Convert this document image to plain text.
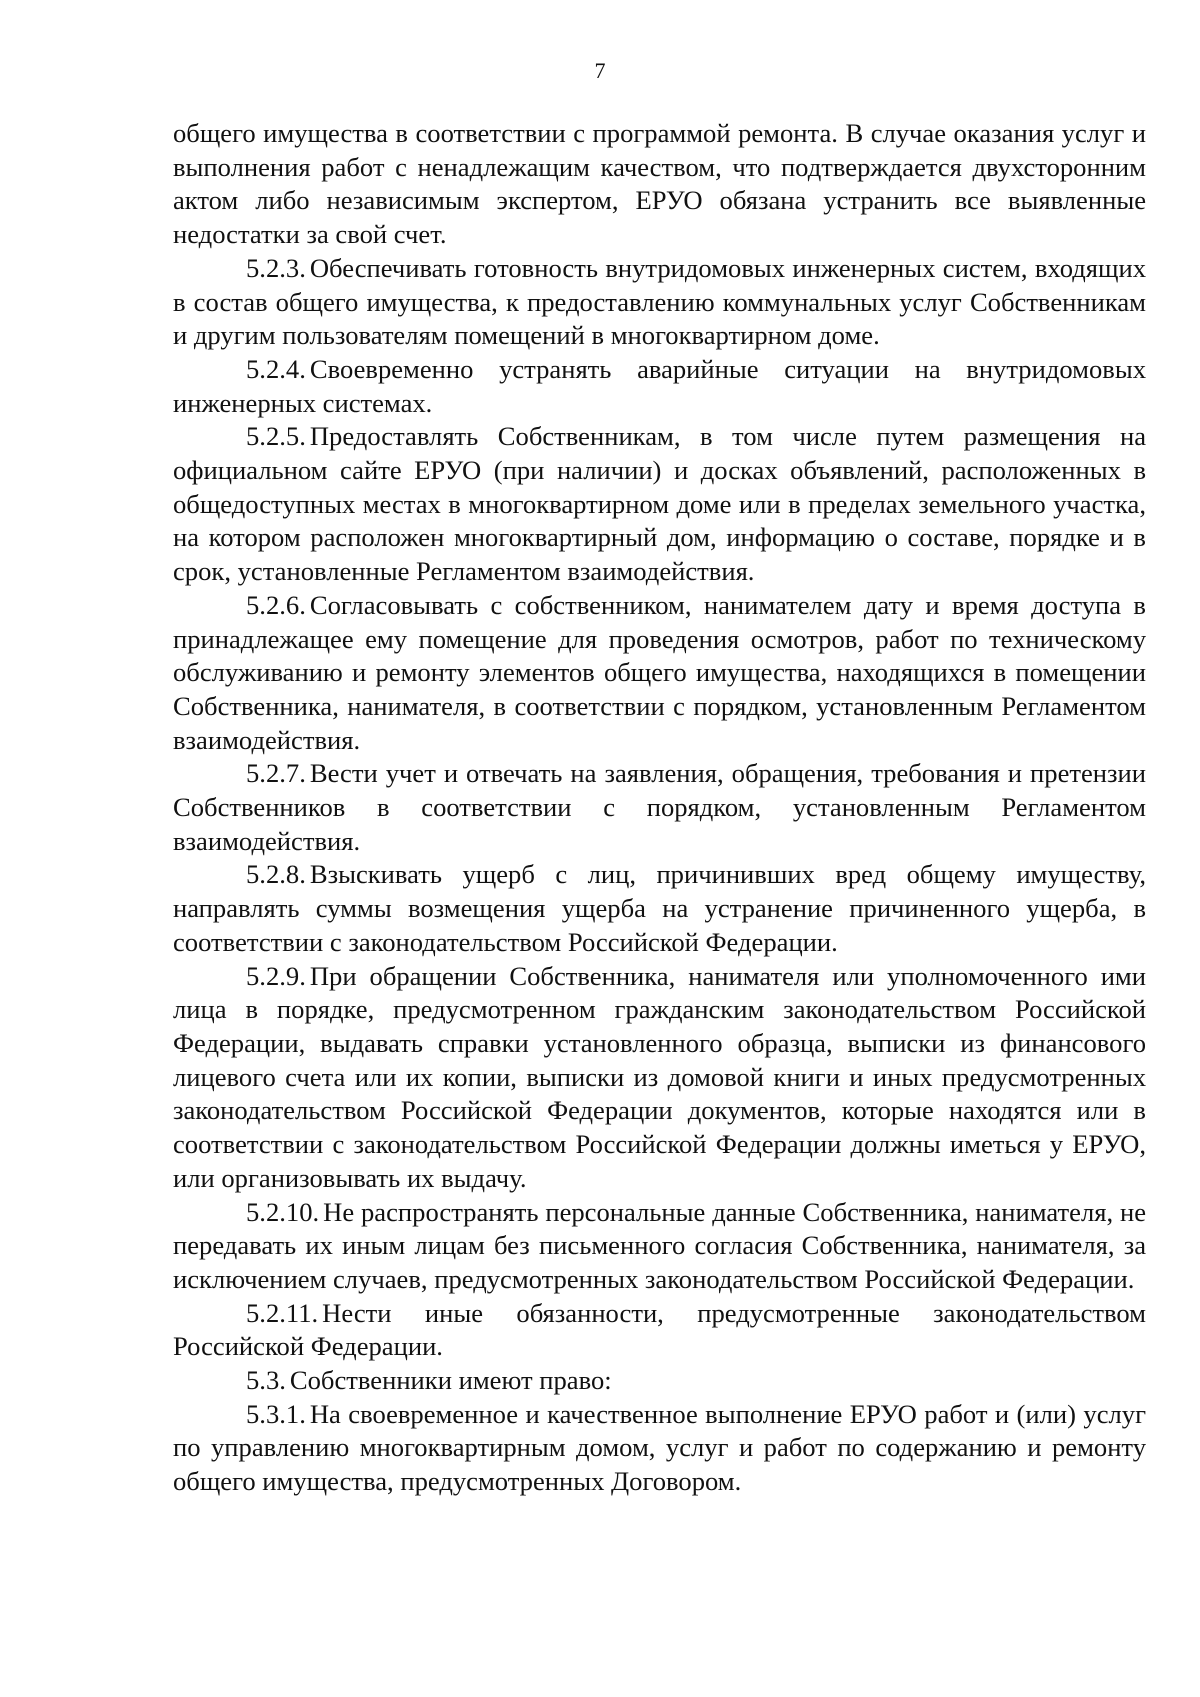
7

общего имущества в соответствии с программой ремонта. В случае оказания услуг и выполнения работ с ненадлежащим качеством, что подтверждается двухсторонним актом либо независимым экспертом, ЕРУО обязана устранить все выявленные недостатки за свой счет.

5.2.3. Обеспечивать готовность внутридомовых инженерных систем, входящих в состав общего имущества, к предоставлению коммунальных услуг Собственникам и другим пользователям помещений в многоквартирном доме.

5.2.4. Своевременно устранять аварийные ситуации на внутридомовых инженерных системах.

5.2.5. Предоставлять Собственникам, в том числе путем размещения на официальном сайте ЕРУО (при наличии) и досках объявлений, расположенных в общедоступных местах в многоквартирном доме или в пределах земельного участка, на котором расположен многоквартирный дом, информацию о составе, порядке и в срок, установленные Регламентом взаимодействия.

5.2.6. Согласовывать с собственником, нанимателем дату и время доступа в принадлежащее ему помещение для проведения осмотров, работ по техническому обслуживанию и ремонту элементов общего имущества, находящихся в помещении Собственника, нанимателя, в соответствии с порядком, установленным Регламентом взаимодействия.

5.2.7. Вести учет и отвечать на заявления, обращения, требования и претензии Собственников в соответствии с порядком, установленным Регламентом взаимодействия.

5.2.8. Взыскивать ущерб с лиц, причинивших вред общему имуществу, направлять суммы возмещения ущерба на устранение причиненного ущерба, в соответствии с законодательством Российской Федерации.

5.2.9. При обращении Собственника, нанимателя или уполномоченного ими лица в порядке, предусмотренном гражданским законодательством Российской Федерации, выдавать справки установленного образца, выписки из финансового лицевого счета или их копии, выписки из домовой книги и иных предусмотренных законодательством Российской Федерации документов, которые находятся или в соответствии с законодательством Российской Федерации должны иметься у ЕРУО, или организовывать их выдачу.

5.2.10. Не распространять персональные данные Собственника, нанимателя, не передавать их иным лицам без письменного согласия Собственника, нанимателя, за исключением случаев, предусмотренных законодательством Российской Федерации.

5.2.11. Нести иные обязанности, предусмотренные законодательством Российской Федерации.

5.3. Собственники имеют право:

5.3.1. На своевременное и качественное выполнение ЕРУО работ и (или) услуг по управлению многоквартирным домом, услуг и работ по содержанию и ремонту общего имущества, предусмотренных Договором.
